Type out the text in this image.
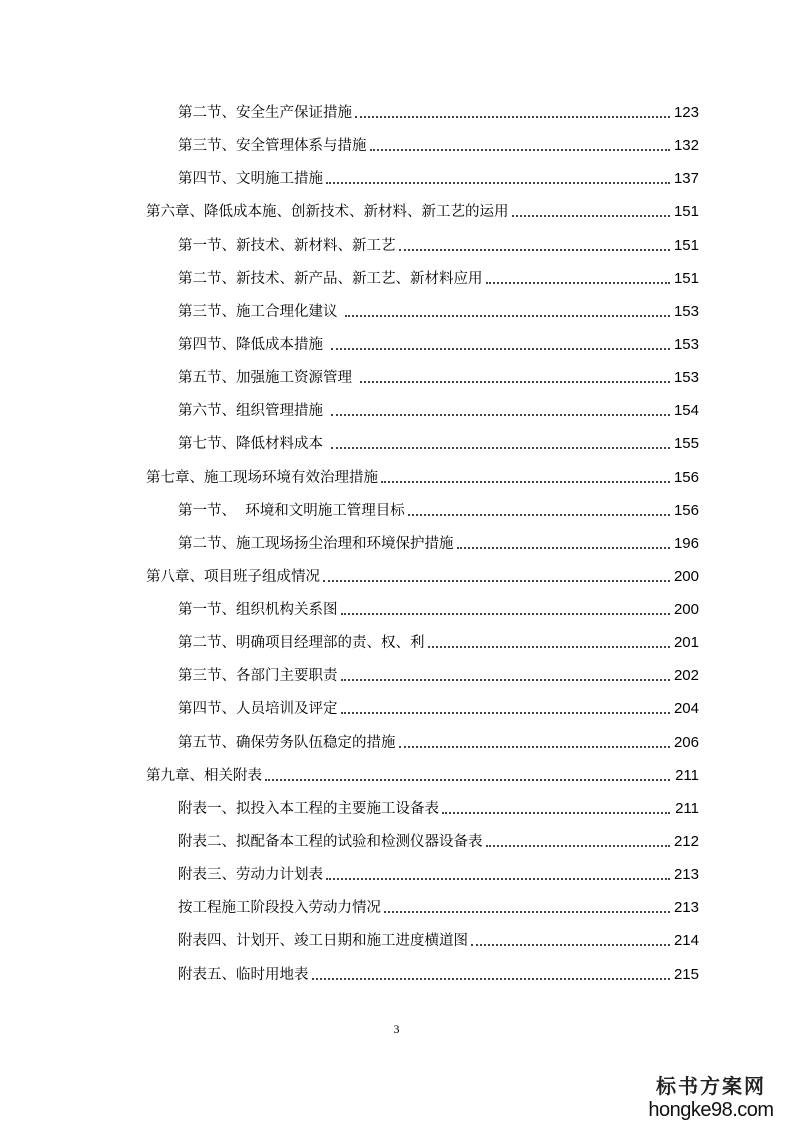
第二节、安全生产保证措施	123
第三节、安全管理体系与措施	132
第四节、文明施工措施	137
第六章、降低成本施、创新技术、新材料、新工艺的运用	151
第一节、新技术、新材料、新工艺	151
第二节、新技术、新产品、新工艺、新材料应用	151
第三节、施工合理化建议	153
第四节、降低成本措施	153
第五节、加强施工资源管理	153
第六节、组织管理措施	154
第七节、降低材料成本	155
第七章、施工现场环境有效治理措施	156
第一节、  环境和文明施工管理目标	156
第二节、施工现场扬尘治理和环境保护措施	196
第八章、项目班子组成情况	200
第一节、组织机构关系图	200
第二节、明确项目经理部的责、权、利	201
第三节、各部门主要职责	202
第四节、人员培训及评定	204
第五节、确保劳务队伍稳定的措施	206
第九章、相关附表	211
附表一、拟投入本工程的主要施工设备表	211
附表二、拟配备本工程的试验和检测仪器设备表	212
附表三、劳动力计划表	213
按工程施工阶段投入劳动力情况	213
附表四、计划开、竣工日期和施工进度横道图	214
附表五、临时用地表	215
3
标书方案网
hongke98.com
